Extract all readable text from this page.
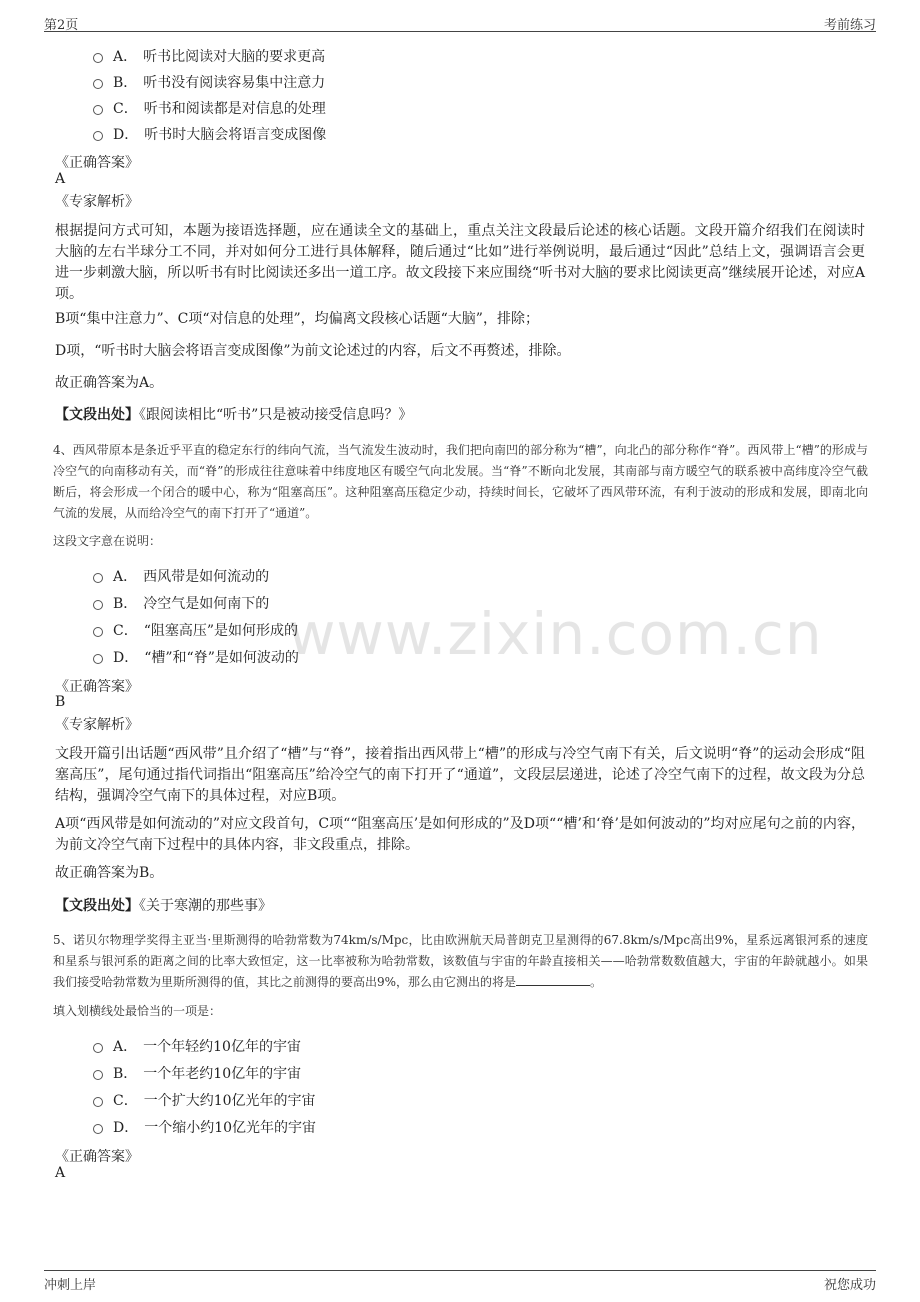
第2页	考前练习
www.zixin.com.cn
A． 听书比阅读对大脑的要求更高
B． 听书没有阅读容易集中注意力
C． 听书和阅读都是对信息的处理
D． 听书时大脑会将语言变成图像
《正确答案》
A
《专家解析》
根据提问方式可知，本题为接语选择题，应在通读全文的基础上，重点关注文段最后论述的核心话题。文段开篇介绍我们在阅读时大脑的左右半球分工不同，并对如何分工进行具体解释，随后通过“比如”进行举例说明，最后通过“因此”总结上文，强调语言会更进一步刺激大脑，所以听书有时比阅读还多出一道工序。故文段接下来应围绕“听书对大脑的要求比阅读更高”继续展开论述，对应A项。
B项“集中注意力”、C项“对信息的处理”，均偏离文段核心话题“大脑”，排除；
D项，“听书时大脑会将语言变成图像”为前文论述过的内容，后文不再赘述，排除。
故正确答案为A。
【文段出处】《跟阅读相比“听书”只是被动接受信息吗？》
4、西风带原本是条近乎平直的稳定东行的纬向气流，当气流发生波动时，我们把向南凹的部分称为“槽”，向北凸的部分称作“脊”。西风带上“槽”的形成与冷空气的向南移动有关，而“脊”的形成往往意味着中纬度地区有暖空气向北发展。当“脊”不断向北发展，其南部与南方暖空气的联系被中高纬度冷空气截断后，将会形成一个闭合的暖中心，称为“阻塞高压”。这种阻塞高压稳定少动，持续时间长，它破坏了西风带环流，有利于波动的形成和发展，即南北向气流的发展，从而给冷空气的南下打开了“通道”。
这段文字意在说明：
A． 西风带是如何流动的
B． 冷空气是如何南下的
C． “阻塞高压”是如何形成的
D． “槽”和“脊”是如何波动的
《正确答案》
B
《专家解析》
文段开篇引出话题“西风带”且介绍了“槽”与“脊”，接着指出西风带上“槽”的形成与冷空气南下有关，后文说明“脊”的运动会形成“阻塞高压”，尾句通过指代词指出“阻塞高压”给冷空气的南下打开了“通道”，文段层层递进，论述了冷空气南下的过程，故文段为分总结构，强调冷空气南下的具体过程，对应B项。
A项“西风带是如何流动的”对应文段首句，C项““阻塞高压’是如何形成的”及D项““槽’和‘脊’是如何波动的”均对应尾句之前的内容，为前文冷空气南下过程中的具体内容，非文段重点，排除。
故正确答案为B。
【文段出处】《关于寒潮的那些事》
5、诺贝尔物理学奖得主亚当·里斯测得的哈勃常数为74km/s/Mpc，比由欧洲航天局普朗克卫星测得的67.8km/s/Mpc高出9%，星系远离银河系的速度和星系与银河系的距离之间的比率大致恒定，这一比率被称为哈勃常数，该数值与宇宙的年龄直接相关——哈勃常数数值越大，宇宙的年龄就越小。如果我们接受哈勃常数为里斯所测得的值，其比之前测得的要高出9%，那么由它测出的将是	。
填入划横线处最恰当的一项是：
A． 一个年轻约10亿年的宇宙
B． 一个年老约10亿年的宇宙
C． 一个扩大约10亿光年的宇宙
D． 一个缩小约10亿光年的宇宙
《正确答案》
A
冲刺上岸	祝您成功
